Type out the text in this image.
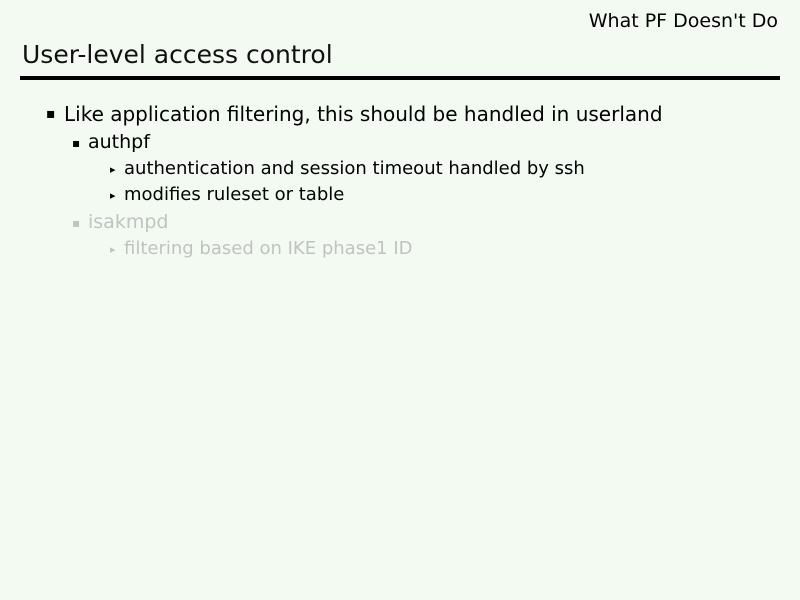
What PF Doesn't Do
User-level access control
▪ Like application filtering, this should be handled in userland
▪ authpf
▸ authentication and session timeout handled by ssh
▸ modifies ruleset or table
▪ isakmpd
▸ filtering based on IKE phase1 ID
